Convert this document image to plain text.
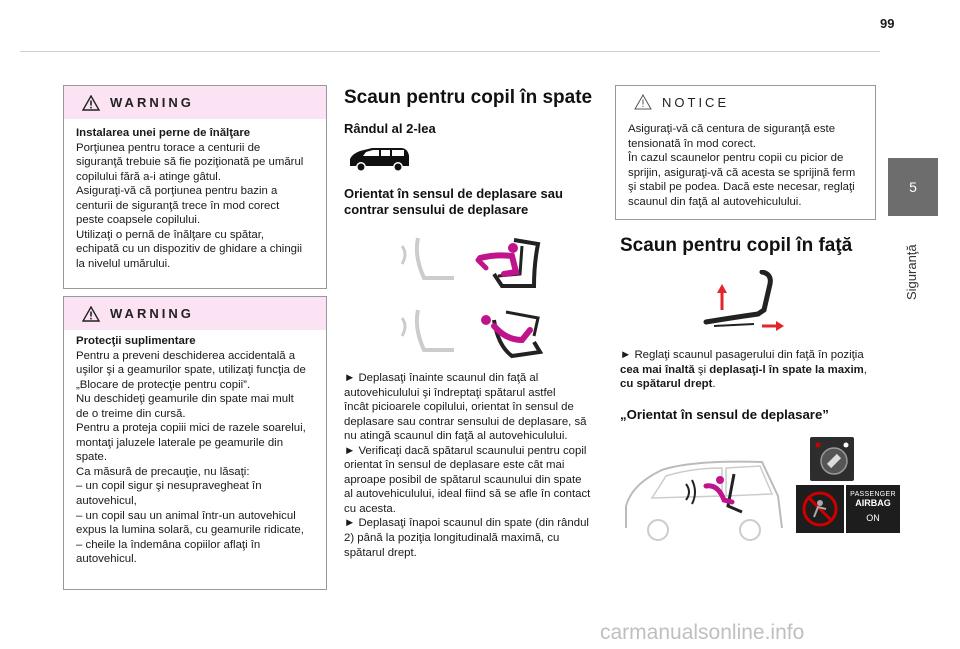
99
5
Siguranţă
WARNING

Instalarea unei perne de înălţare

Porţiunea pentru torace a centurii de

siguranţă trebuie să fie poziţionată pe umărul

copilului fără a-i atinge gâtul.

Asiguraţi-vă că porţiunea pentru bazin a

centurii de siguranţă trece în mod corect

peste coapsele copilului.

Utilizaţi o pernă de înălţare cu spătar,

echipată cu un dispozitiv de ghidare a chingii

la nivelul umărului.

WARNING

Protecţii suplimentare

Pentru a preveni deschiderea accidentală a

uşilor şi a geamurilor spate, utilizaţi funcţia de

„Blocare de protecţie pentru copii”.

Nu deschideţi geamurile din spate mai mult

de o treime din cursă.

Pentru a proteja copiii mici de razele soarelui,

montaţi jaluzele laterale pe geamurile din

spate.

Ca măsură de precauţie, nu lăsaţi:

– un copil sigur şi nesupravegheat în

autovehicul,

– un copil sau un animal într-un autovehicul

expus la lumina solară, cu geamurile ridicate,

– cheile la îndemâna copiilor aflaţi în

autovehicul.

Scaun pentru copil în spate
Rândul al 2-lea
Orientat în sensul de deplasare sau
contrar sensului de deplasare

► Deplasaţi înainte scaunul din faţă al

autovehiculului şi îndreptaţi spătarul astfel

încât picioarele copilului, orientat în sensul de

deplasare sau contrar sensului de deplasare, să

nu atingă scaunul din faţă al autovehiculului.

► Verificaţi dacă spătarul scaunului pentru copil

orientat în sensul de deplasare este cât mai

aproape posibil de spătarul scaunului din spate

al autovehiculului, ideal fiind să se afle în contact

cu acesta.

► Deplasaţi înapoi scaunul din spate (din rândul

2) până la poziţia longitudinală maximă, cu

spătarul drept.

NOTICE

Asiguraţi-vă că centura de siguranţă este

tensionată în mod corect.

În cazul scaunelor pentru copii cu picior de

sprijin, asiguraţi-vă că acesta se sprijină ferm

şi stabil pe podea. Dacă este necesar, reglaţi

scaunul din faţă al autovehiculului.

Scaun pentru copil în faţă

► Reglaţi scaunul pasagerului din faţă în poziţia

cea mai înaltă şi deplasaţi-l în spate la maxim,

cu spătarul drept.

„Orientat în sensul de deplasare”
PASSENGER
AIRBAG
ON
carmanualsonline.info
